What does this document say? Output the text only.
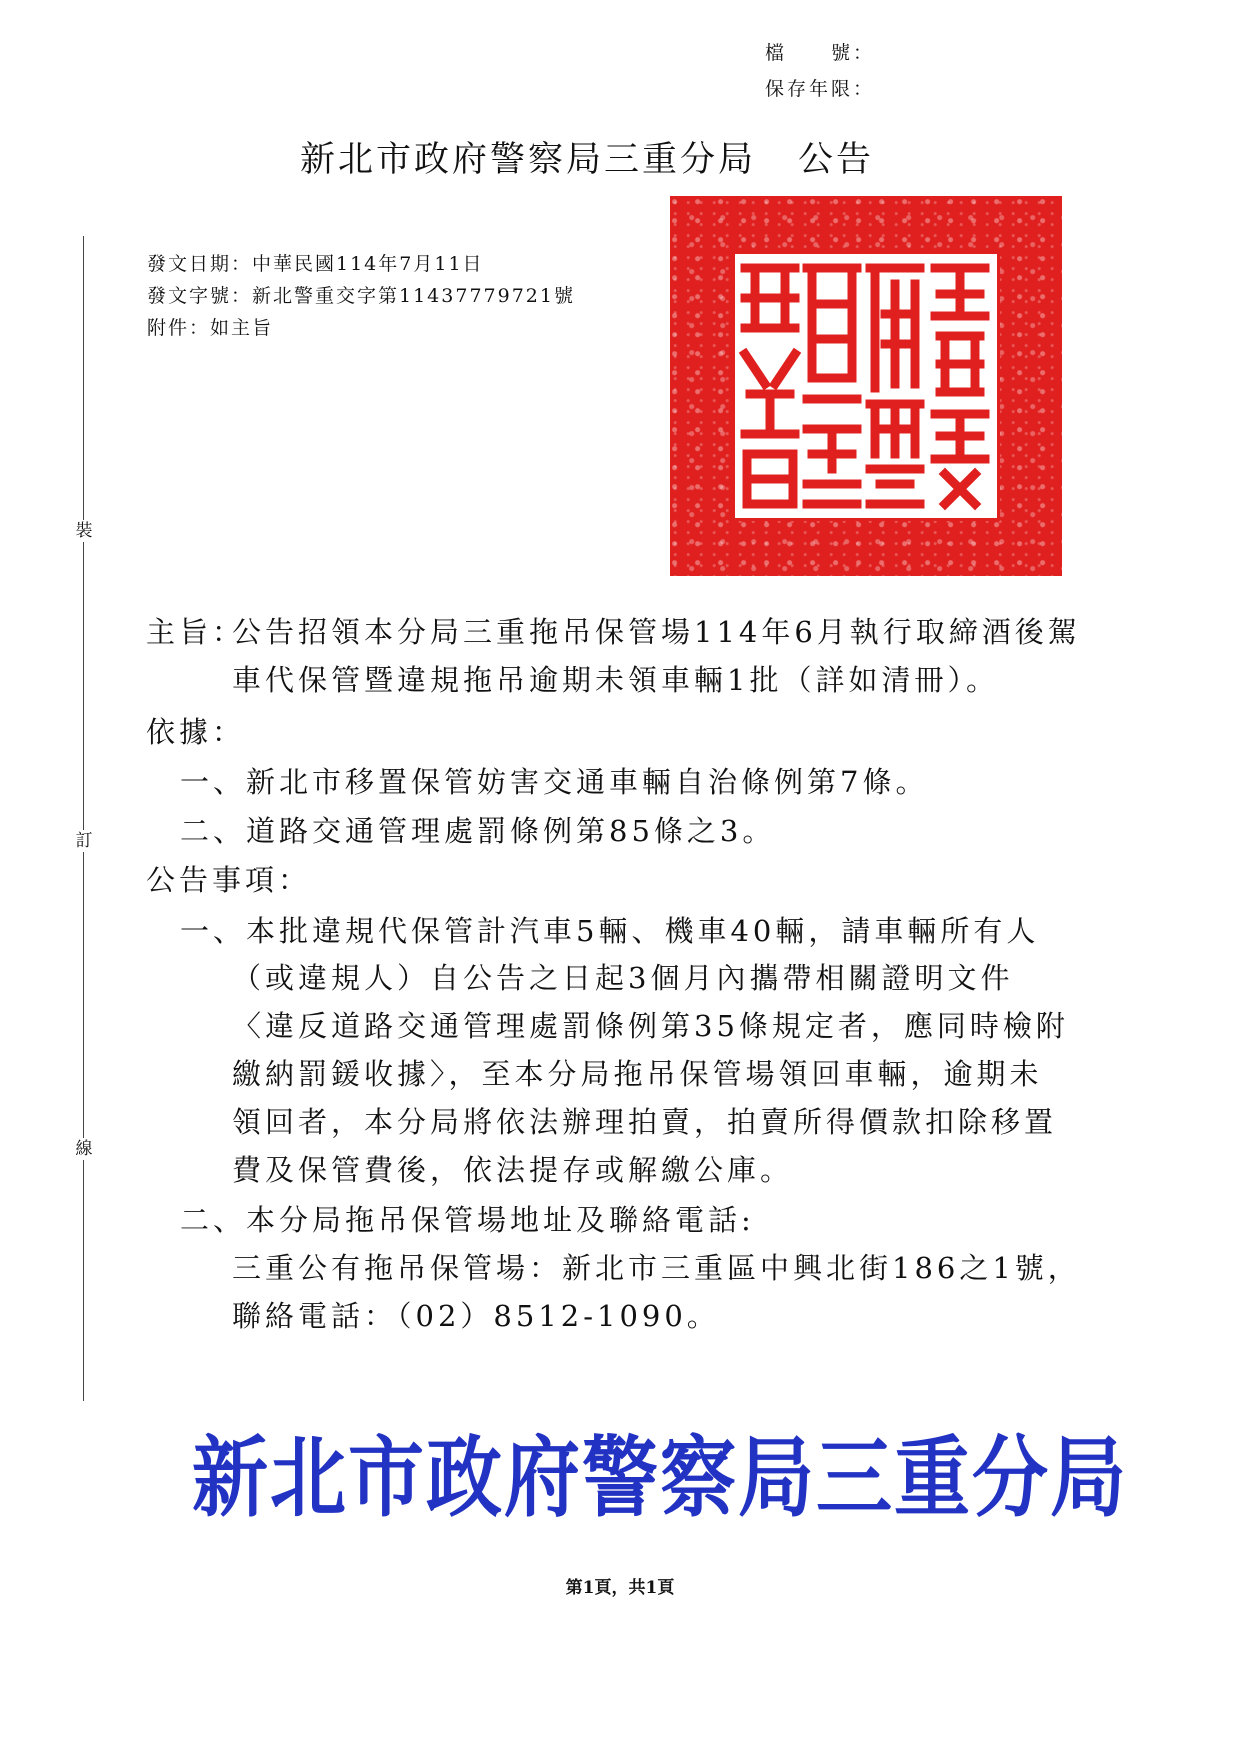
檔　　號：
保存年限：
新北市政府警察局三重分局 公告
裝
訂
線
發文日期：中華民國114年7月11日
發文字號：新北警重交字第11437779721號
附件：如主旨
主旨：
公告招領本分局三重拖吊保管場114年6月執行取締酒後駕
車代保管暨違規拖吊逾期未領車輛1批（詳如清冊）。
依據：
一、新北市移置保管妨害交通車輛自治條例第7條。
二、道路交通管理處罰條例第85條之3。
公告事項：
一、本批違規代保管計汽車5輛、機車40輛，請車輛所有人
（或違規人）自公告之日起3個月內攜帶相關證明文件
〈違反道路交通管理處罰條例第35條規定者，應同時檢附
繳納罰鍰收據〉，至本分局拖吊保管場領回車輛，逾期未
領回者，本分局將依法辦理拍賣，拍賣所得價款扣除移置
費及保管費後，依法提存或解繳公庫。
二、本分局拖吊保管場地址及聯絡電話:
三重公有拖吊保管場：新北市三重區中興北街186之1號，
聯絡電話：（02）8512-1090。
新北市政府警察局三重分局
第1頁，共1頁
